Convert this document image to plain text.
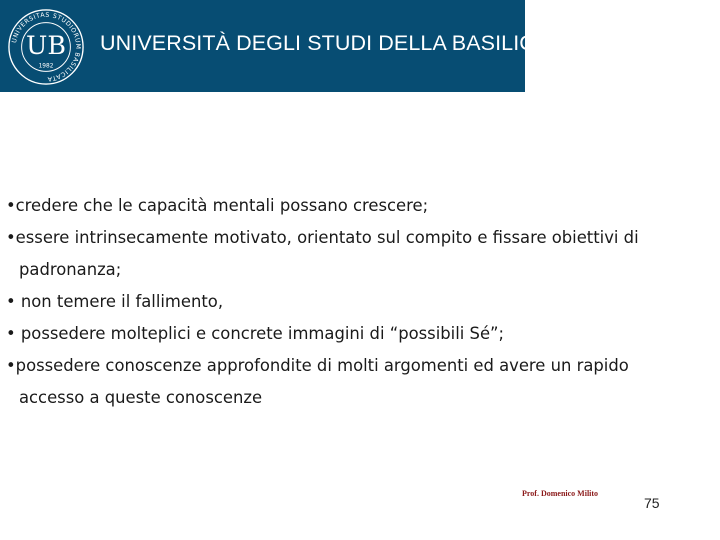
UNIVERSITAS STUDIORUM BASILICATA
UB
1982
UNIVERSITÀ DEGLI STUDI DELLA BASILICATA
•credere che le capacità mentali possano crescere;
•essere intrinsecamente motivato, orientato sul compito e fissare obiettivi di
padronanza;
• non temere il fallimento,
• possedere molteplici e concrete immagini di “possibili Sé”;
•possedere conoscenze approfondite di molti argomenti ed avere un rapido
accesso a queste conoscenze
Prof. Domenico Milito
75
